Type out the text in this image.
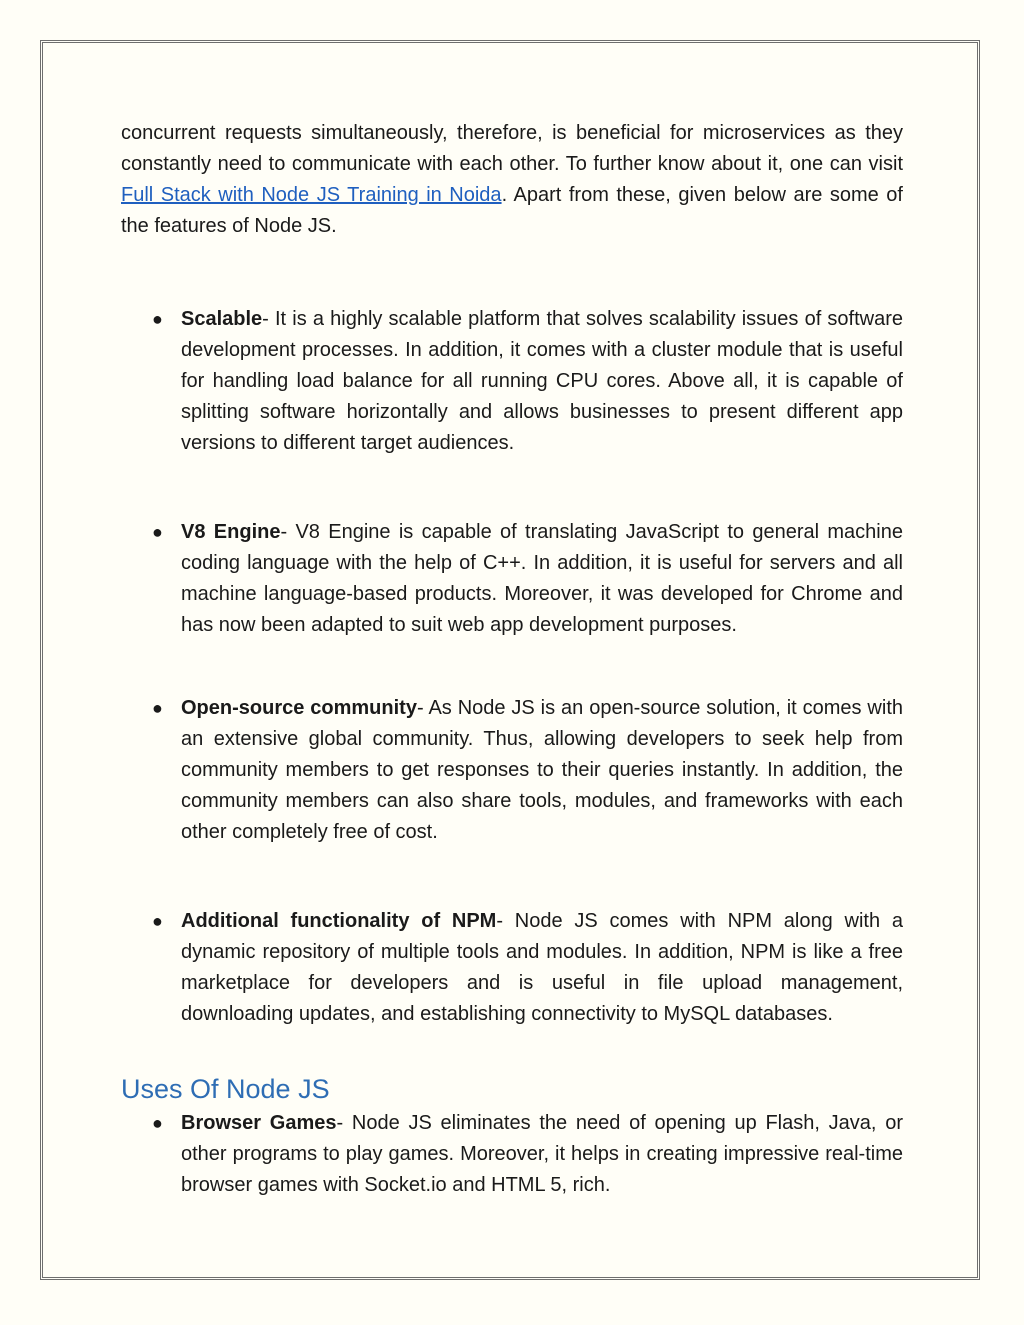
concurrent requests simultaneously, therefore, is beneficial for microservices as they constantly need to communicate with each other. To further know about it, one can visit Full Stack with Node JS Training in Noida. Apart from these, given below are some of the features of Node JS.

● Scalable- It is a highly scalable platform that solves scalability issues of software development processes. In addition, it comes with a cluster module that is useful for handling load balance for all running CPU cores. Above all, it is capable of splitting software horizontally and allows businesses to present different app versions to different target audiences.
● V8 Engine- V8 Engine is capable of translating JavaScript to general machine coding language with the help of C++. In addition, it is useful for servers and all machine language-based products. Moreover, it was developed for Chrome and has now been adapted to suit web app development purposes.
● Open-source community- As Node JS is an open-source solution, it comes with an extensive global community. Thus, allowing developers to seek help from community members to get responses to their queries instantly. In addition, the community members can also share tools, modules, and frameworks with each other completely free of cost.
● Additional functionality of NPM- Node JS comes with NPM along with a dynamic repository of multiple tools and modules. In addition, NPM is like a free marketplace for developers and is useful in file upload management, downloading updates, and establishing connectivity to MySQL databases.
Uses Of Node JS
● Browser Games- Node JS eliminates the need of opening up Flash, Java, or other programs to play games. Moreover, it helps in creating impressive real-time browser games with Socket.io and HTML 5, rich.
